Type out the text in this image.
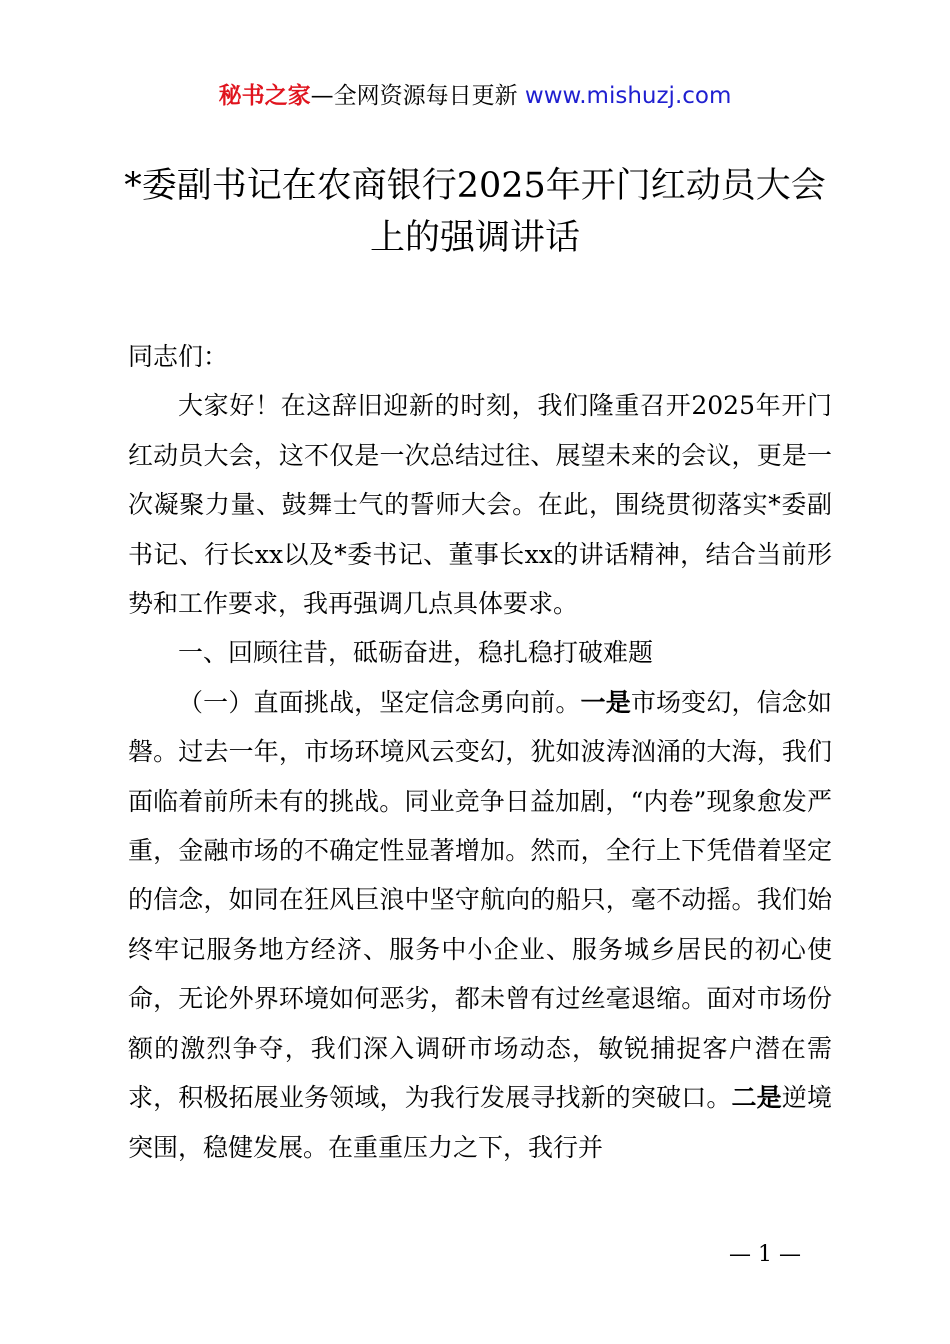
秘书之家—全网资源每日更新 www.mishuzj.com
*委副书记在农商银行2025年开门红动员大会
上的强调讲话

同志们：

大家好！在这辞旧迎新的时刻，我们隆重召开2025年开门红动员大会，这不仅是一次总结过往、展望未来的会议，更是一次凝聚力量、鼓舞士气的誓师大会。在此，围绕贯彻落实*委副书记、行长xx以及*委书记、董事长xx的讲话精神，结合当前形势和工作要求，我再强调几点具体要求。

一、回顾往昔，砥砺奋进，稳扎稳打破难题

（一）直面挑战，坚定信念勇向前。一是市场变幻，信念如磐。过去一年，市场环境风云变幻，犹如波涛汹涌的大海，我们面临着前所未有的挑战。同业竞争日益加剧，“内卷”现象愈发严重，金融市场的不确定性显著增加。然而，全行上下凭借着坚定的信念，如同在狂风巨浪中坚守航向的船只，毫不动摇。我们始终牢记服务地方经济、服务中小企业、服务城乡居民的初心使命，无论外界环境如何恶劣，都未曾有过丝毫退缩。面对市场份额的激烈争夺，我们深入调研市场动态，敏锐捕捉客户潜在需求，积极拓展业务领域，为我行发展寻找新的突破口。二是逆境突围，稳健发展。在重重压力之下，我行并

— 1 —
